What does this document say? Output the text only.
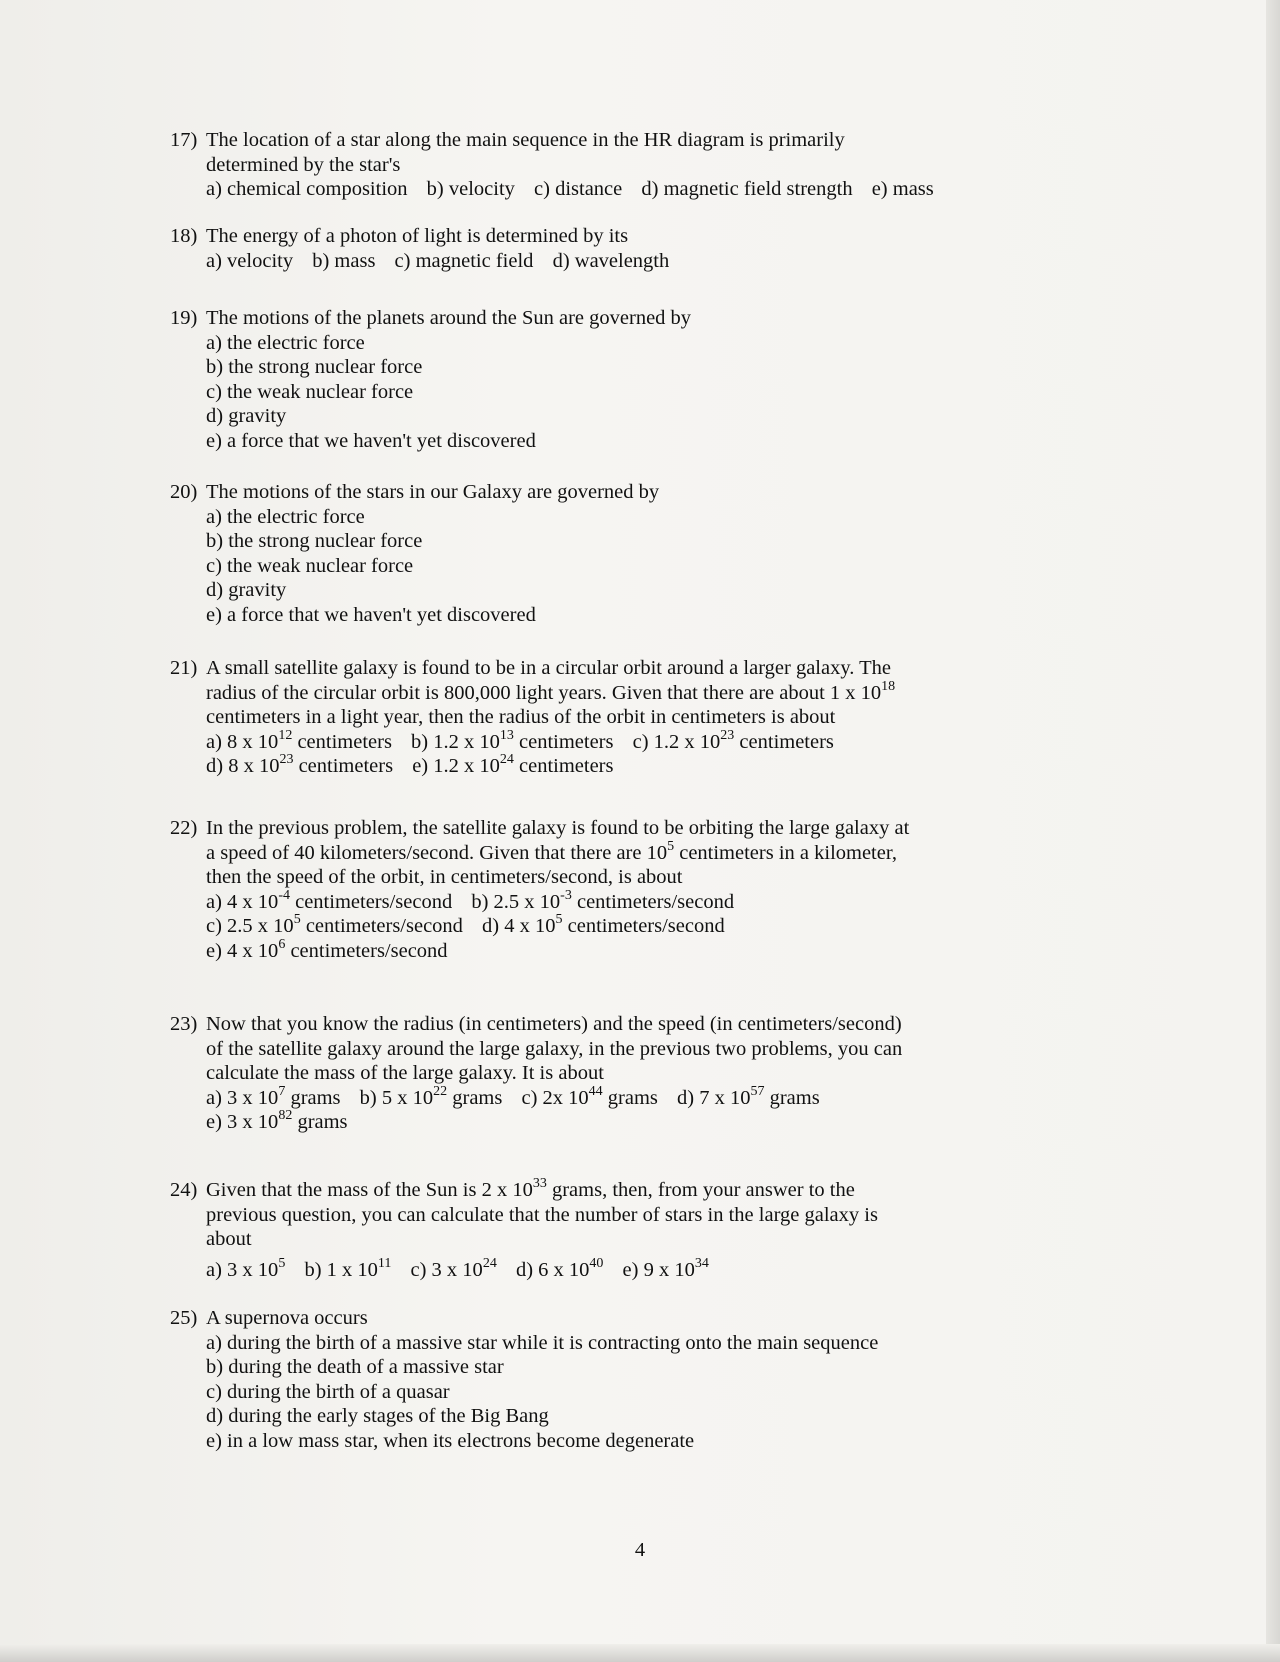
17) The location of a star along the main sequence in the HR diagram is primarily
determined by the star's
a) chemical composition b) velocity c) distance d) magnetic field strength e) mass
18) The energy of a photon of light is determined by its
a) velocity b) mass c) magnetic field d) wavelength
19) The motions of the planets around the Sun are governed by
a) the electric force
b) the strong nuclear force
c) the weak nuclear force
d) gravity
e) a force that we haven't yet discovered
20) The motions of the stars in our Galaxy are governed by
a) the electric force
b) the strong nuclear force
c) the weak nuclear force
d) gravity
e) a force that we haven't yet discovered
21) A small satellite galaxy is found to be in a circular orbit around a larger galaxy. The
radius of the circular orbit is 800,000 light years. Given that there are about 1 x $10^{18}$
centimeters in a light year, then the radius of the orbit in centimeters is about
a) 8 x $10^{12}$ centimeters b) 1.2 x $10^{13}$ centimeters c) 1.2 x $10^{23}$ centimeters
d) 8 x $10^{23}$ centimeters e) 1.2 x $10^{24}$ centimeters
22) In the previous problem, the satellite galaxy is found to be orbiting the large galaxy at
a speed of 40 kilometers/second. Given that there are $10^5$ centimeters in a kilometer,
then the speed of the orbit, in centimeters/second, is about
a) 4 x $10^{-4}$ centimeters/second b) 2.5 x $10^{-3}$ centimeters/second
c) 2.5 x $10^5$ centimeters/second d) 4 x $10^5$ centimeters/second
e) 4 x $10^6$ centimeters/second
23) Now that you know the radius (in centimeters) and the speed (in centimeters/second)
of the satellite galaxy around the large galaxy, in the previous two problems, you can
calculate the mass of the large galaxy. It is about
a) 3 x $10^7$ grams b) 5 x $10^{22}$ grams c) 2x $10^{44}$ grams d) 7 x $10^{57}$ grams
e) 3 x $10^{82}$ grams
24) Given that the mass of the Sun is 2 x $10^{33}$ grams, then, from your answer to the
previous question, you can calculate that the number of stars in the large galaxy is
about
a) 3 x $10^5$ b) 1 x $10^{11}$ c) 3 x $10^{24}$ d) 6 x $10^{40}$ e) 9 x $10^{34}$
25) A supernova occurs
a) during the birth of a massive star while it is contracting onto the main sequence
b) during the death of a massive star
c) during the birth of a quasar
d) during the early stages of the Big Bang
e) in a low mass star, when its electrons become degenerate
4
